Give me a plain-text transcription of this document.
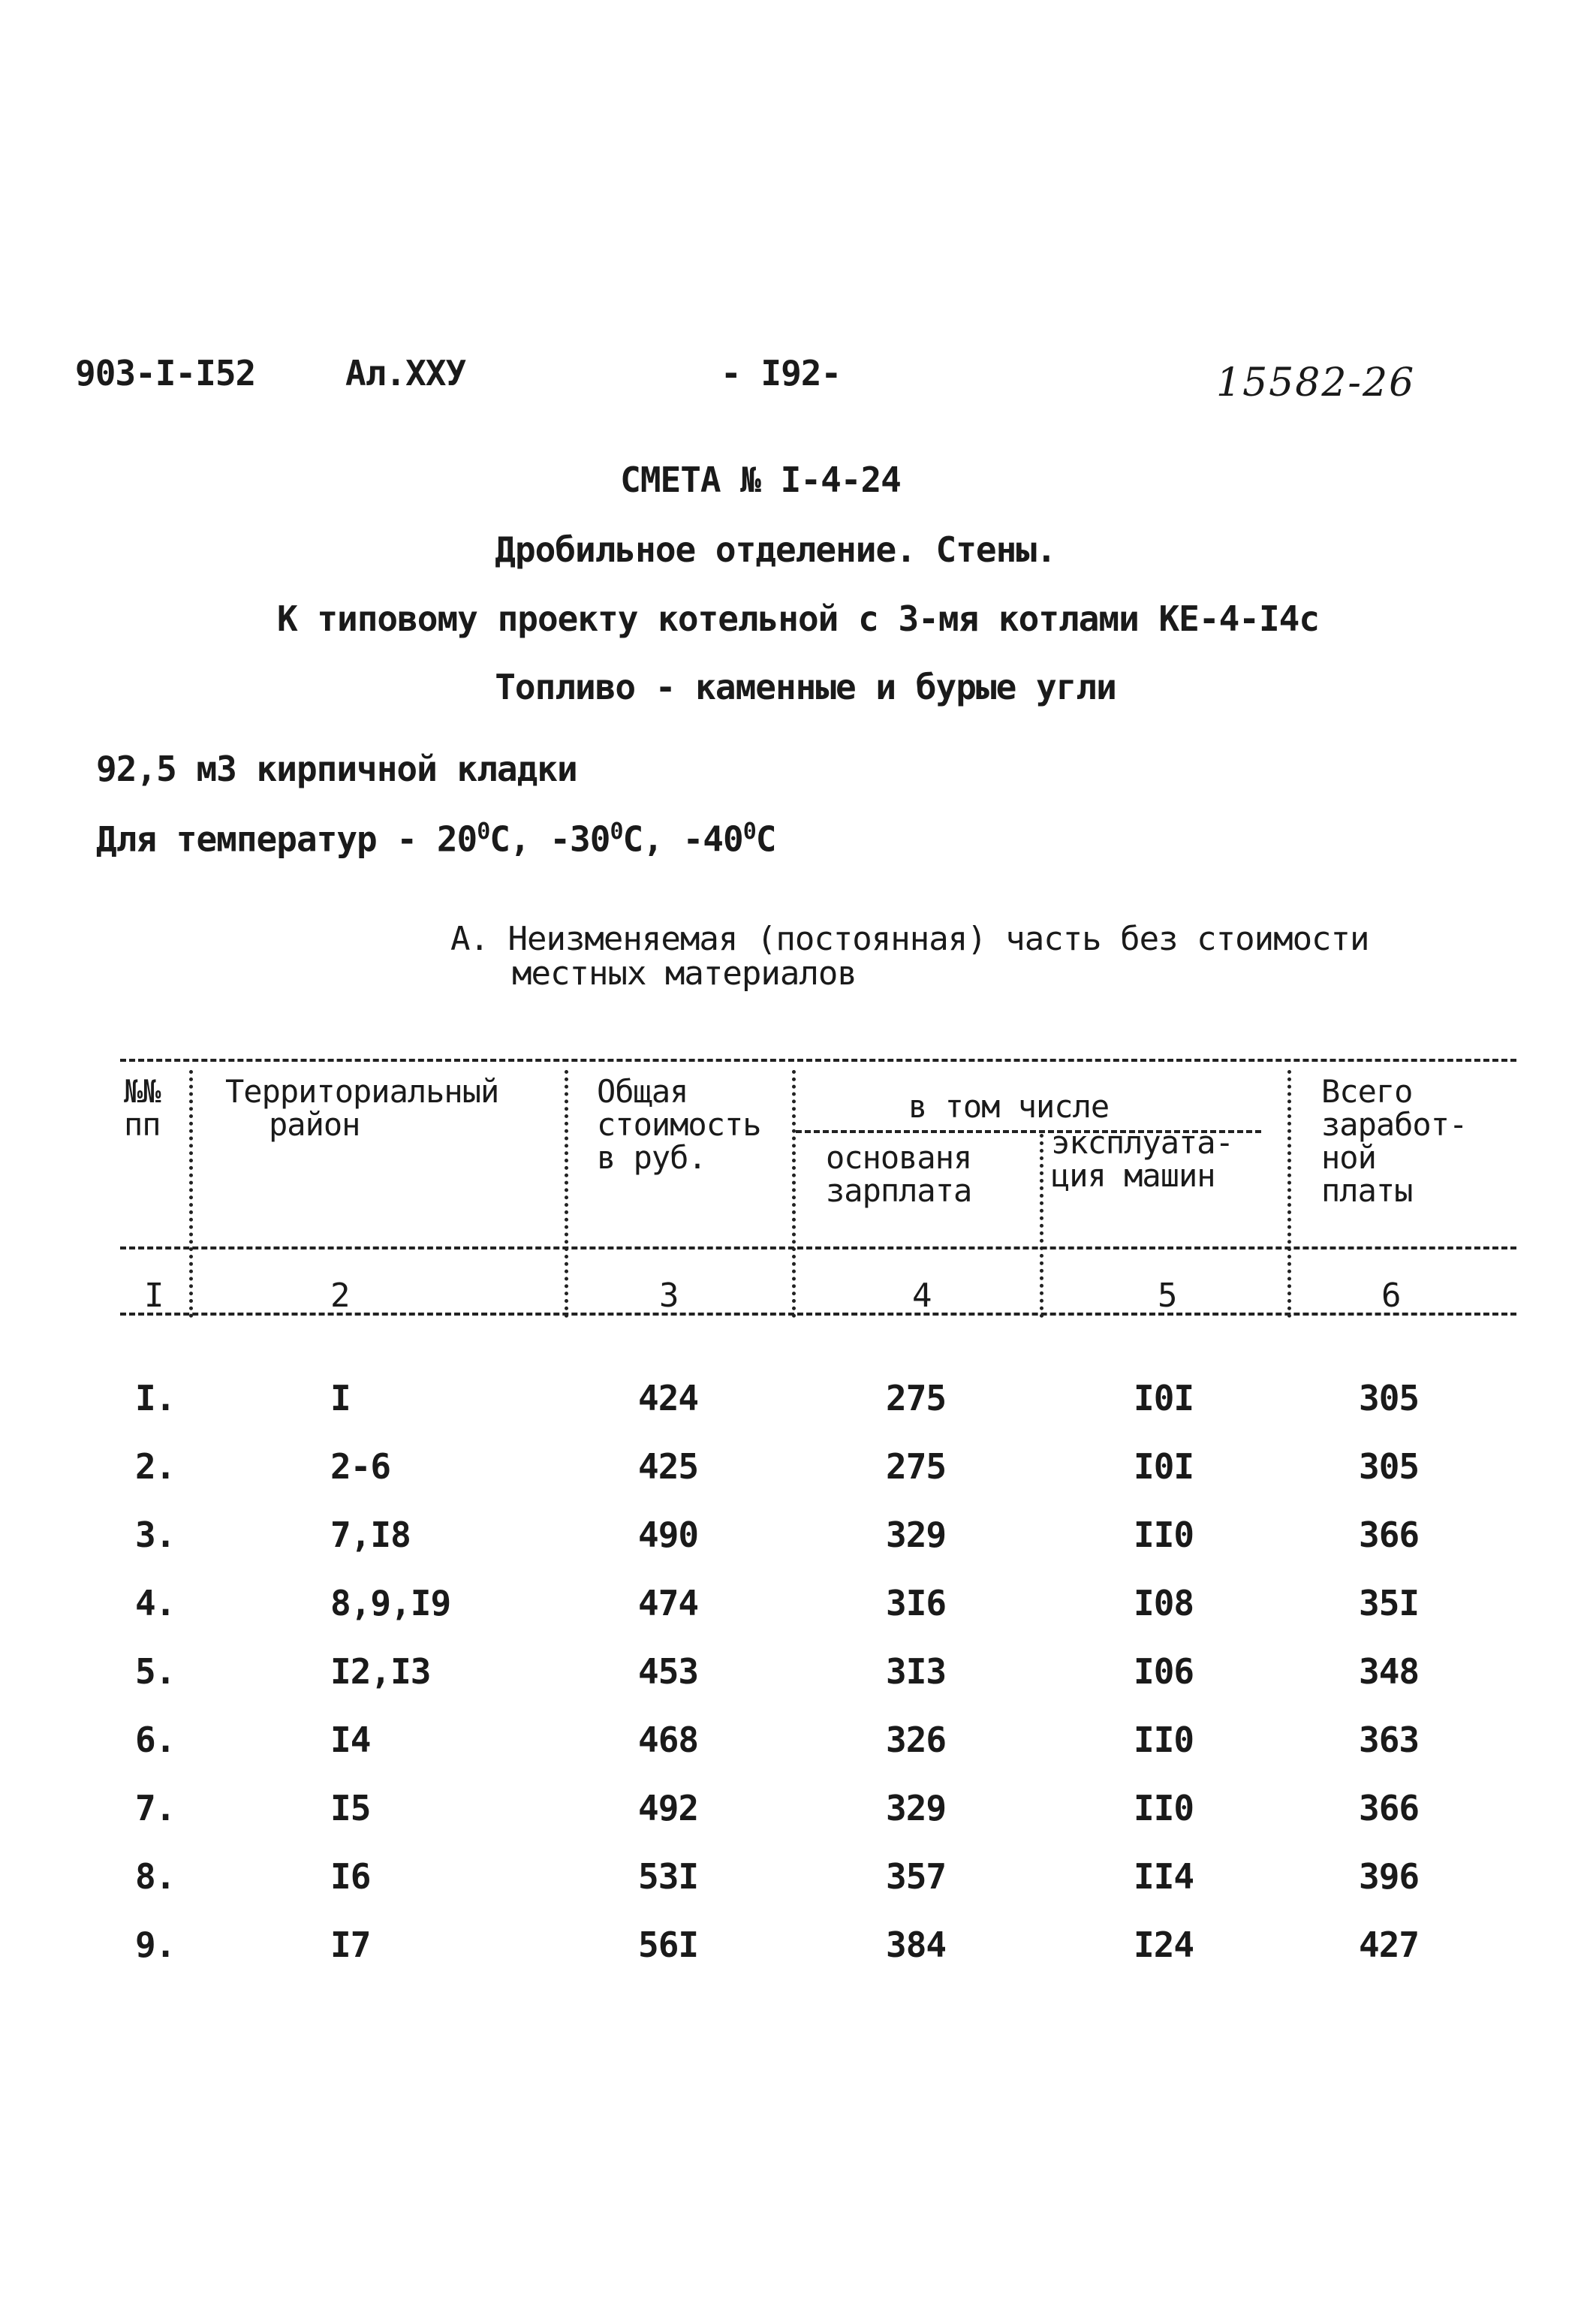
903-I-I52	Ал.XXУ	- I92-	15582-26
СМЕТА № I-4-24
Дробильное отделение. Стены.
К типовому проекту котельной с 3-мя котлами КЕ-4-I4с
Топливо - каменные и бурые угли
92,5 м3 кирпичной кладки
Для температур - $20^0С$, $-30^0С$, $-40^0С$
А. Неизменяемая (постоянная) часть без стоимости
местных материалов
№№
пп
Территориальный
район
Общая
стоимость
в руб.
в том числе
основаня
зарплата
эксплуата-
ция машин
Всего
заработ-
ной
платы
I	2	3	4	5	6
I.	I	424	275	I0I	305
2.	2-6	425	275	I0I	305
3.	7,I8	490	329	II0	366
4.	8,9,I9	474	3I6	I08	35I
5.	I2,I3	453	3I3	I06	348
6.	I4	468	326	II0	363
7.	I5	492	329	II0	366
8.	I6	53I	357	II4	396
9.	I7	56I	384	I24	427
